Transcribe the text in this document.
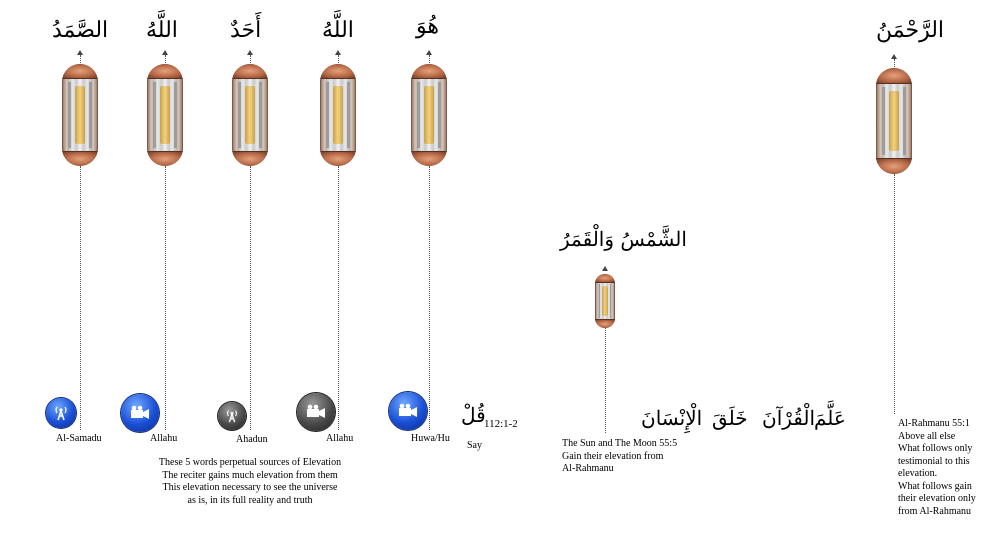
الصَّمَدُ
Al-Samadu
اللَّهُ
Allahu
أَحَدٌ
Ahadun
اللَّهُ
Allahu
هُوَ
Huwa/Hu
قُلْ
112:1-2
Say
These 5 words perpetual sources of Elevation
The reciter gains much elevation from them
This elevation necessary to see the universe
as is, in its full reality and truth
الشَّمْسُ وَالْقَمَرُ
The Sun and The Moon 55:5
Gain their elevation from
Al-Rahmanu
الْإِنْسَانَ خَلَقَ الْقُرْآنَ
عَلَّمَ
الرَّحْمَنُ
Al-Rahmanu 55:1
Above all else
What follows only
testimonial to this
elevation.
What follows gain
their elevation only
from Al-Rahmanu
